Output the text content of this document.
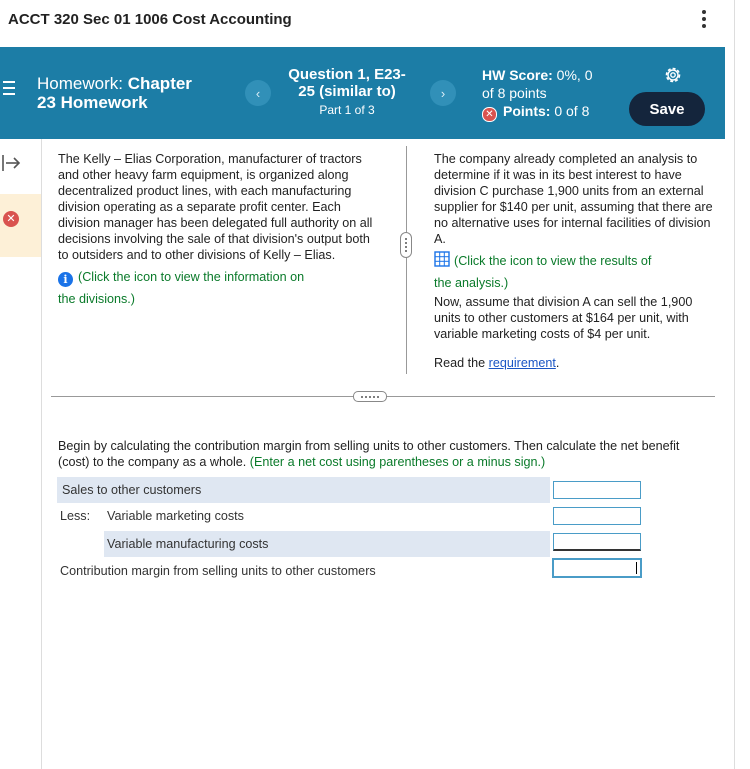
ACCT 320 Sec 01 1006 Cost Accounting
Homework: Chapter
23 Homework	‹
Question 1, E23-
25 (similar to)
Part 1 of 3
›
HW Score: 0%, 0
of 8 points
✕ Points: 0 of 8	Save
✕
The Kelly – Elias Corporation, manufacturer of tractors and other heavy farm equipment, is organized along decentralized product lines, with each manufacturing division operating as a separate profit center. Each division manager has been delegated full authority on all decisions involving the sale of that division's output both to outsiders and to other divisions of Kelly – Elias.
i (Click the icon to view the information on
the divisions.)
The company already completed an analysis to determine if it was in its best interest to have division C purchase 1,900 units from an external supplier for $140 per unit, assuming that there are no alternative uses for internal facilities of division A.
(Click the icon to view the results of
the analysis.)
Now, assume that division A can sell the 1,900 units to other customers at $164 per unit, with variable marketing costs of $4 per unit.
Read the requirement.
Begin by calculating the contribution margin from selling units to other customers. Then calculate the net benefit (cost) to the company as a whole. (Enter a net cost using parentheses or a minus sign.)
Sales to other customers
Less: Variable marketing costs
Variable manufacturing costs
Contribution margin from selling units to other customers
